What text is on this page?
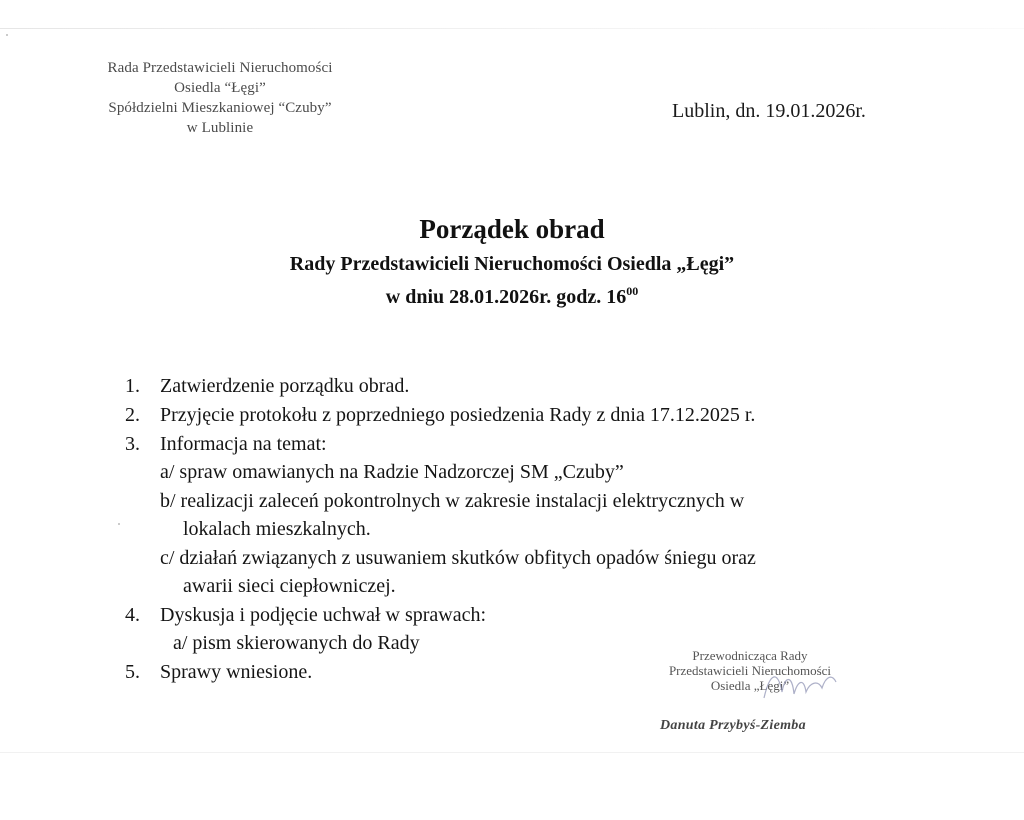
Rada Przedstawicieli Nieruchomości
Osiedla “Łęgi”
Spółdzielni Mieszkaniowej “Czuby”
w Lublinie
Lublin, dn. 19.01.2026r.
Porządek obrad
Rady Przedstawicieli Nieruchomości Osiedla „Łęgi”
w dniu 28.01.2026r. godz. $16^{00}$
1.	Zatwierdzenie porządku obrad.
2.	Przyjęcie protokołu z poprzedniego posiedzenia Rady z dnia 17.12.2025 r.
3.	Informacja na temat:
a/ spraw omawianych na Radzie Nadzorczej SM „Czuby”
b/ realizacji zaleceń pokontrolnych w zakresie instalacji elektrycznych w
lokalach mieszkalnych.
c/ działań związanych z usuwaniem skutków obfitych opadów śniegu oraz
awarii sieci ciepłowniczej.
4.	Dyskusja i podjęcie uchwał w sprawach:
a/ pism skierowanych do Rady
5.	Sprawy wniesione.
Przewodnicząca Rady
Przedstawicieli Nieruchomości
Osiedla „Łęgi”
Danuta Przybyś-Ziemba
